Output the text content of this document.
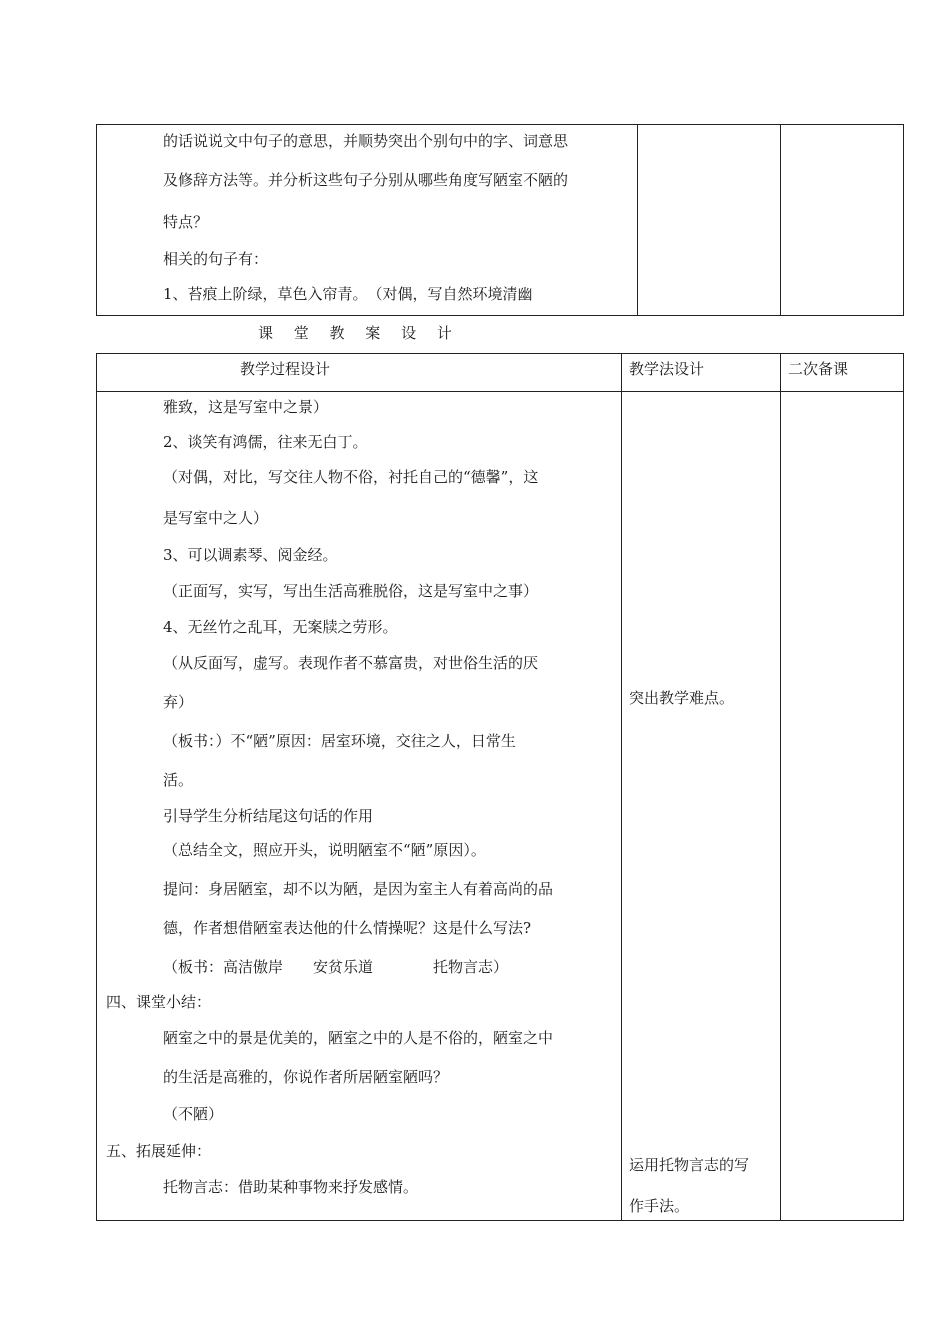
的话说说文中句子的意思，并顺势突出个别句中的字、词意思
及修辞方法等。并分析这些句子分别从哪些角度写陋室不陋的
特点？
相关的句子有：
1、苔痕上阶绿，草色入帘青。　（对偶，写自然环境清幽
课 堂 教 案 设 计
教学过程设计	教学法设计	二次备课
雅致，这是写室中之景）
2、谈笑有鸿儒，往来无白丁。
（对偶，对比，写交往人物不俗，衬托自己的“德馨”，这
是写室中之人）
3、可以调素琴、阅金经。
（正面写，实写，写出生活高雅脱俗，这是写室中之事）
4、无丝竹之乱耳，无案牍之劳形。
（从反面写，虚写。表现作者不慕富贵，对世俗生活的厌
弃）
（板书：）不“陋”原因：居室环境，交往之人，日常生
活。
引导学生分析结尾这句话的作用
（总结全文，照应开头，说明陋室不“陋”原因）。
提问：身居陋室，却不以为陋，是因为室主人有着高尚的品
德，作者想借陋室表达他的什么情操呢？这是什么写法?
（板书：高洁傲岸　　安贫乐道　　　　托物言志）
四、课堂小结：
陋室之中的景是优美的，陋室之中的人是不俗的，陋室之中
的生活是高雅的，你说作者所居陋室陋吗？
（不陋）
五、拓展延伸：
托物言志：借助某种事物来抒发感情。
突出教学难点。
运用托物言志的写
作手法。
